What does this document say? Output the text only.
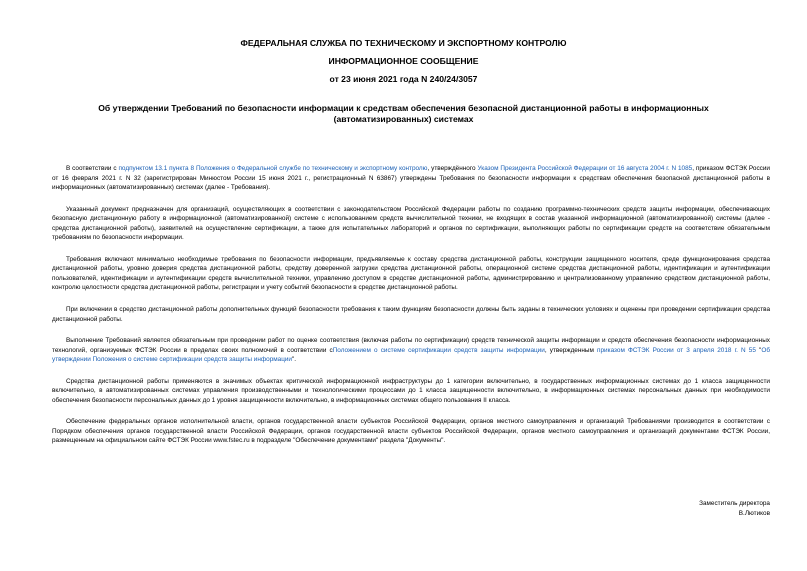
ФЕДЕРАЛЬНАЯ СЛУЖБА ПО ТЕХНИЧЕСКОМУ И ЭКСПОРТНОМУ КОНТРОЛЮ
ИНФОРМАЦИОННОЕ СООБЩЕНИЕ
от 23 июня 2021 года N 240/24/3057
Об утверждении Требований по безопасности информации к средствам обеспечения безопасной дистанционной работы в информационных (автоматизированных) системах

В соответствии с подпунктом 13.1 пункта 8 Положения о Федеральной службе по техническому и экспортному контролю, утверждённого Указом Президента Российской Федерации от 16 августа 2004 г. N 1085, приказом ФСТЭК России от 16 февраля 2021 г. N 32 (зарегистрирован Минюстом России 15 июня 2021 г., регистрационный N 63867) утверждены Требования по безопасности информации к средствам обеспечения безопасной дистанционной работы в информационных (автоматизированных) системах (далее - Требования).

Указанный документ предназначен для организаций, осуществляющих в соответствии с законодательством Российской Федерации работы по созданию программно-технических средств защиты информации, обеспечивающих безопасную дистанционную работу в информационной (автоматизированной) системе с использованием средств вычислительной техники, не входящих в состав указанной информационной (автоматизированной) системы (далее - средства дистанционной работы), заявителей на осуществление сертификации, а также для испытательных лабораторий и органов по сертификации, выполняющих работы по сертификации средств на соответствие обязательным требованиям по безопасности информации.

Требования включают минимально необходимые требования по безопасности информации, предъявляемые к составу средства дистанционной работы, конструкции защищенного носителя, среде функционирования средства дистанционной работы, уровню доверия средства дистанционной работы, средству доверенной загрузки средства дистанционной работы, операционной системе средства дистанционной работы, идентификации и аутентификации пользователей, идентификации и аутентификации средств вычислительной техники, управлению доступом в средстве дистанционной работы, администрированию и централизованному управлению средством дистанционной работы, контролю целостности средства дистанционной работы, регистрации и учету событий безопасности в средстве дистанционной работы.

При включении в средство дистанционной работы дополнительных функций безопасности требования к таким функциям безопасности должны быть заданы в технических условиях и оценены при проведении сертификации средства дистанционной работы.

Выполнение Требований является обязательным при проведении работ по оценке соответствия (включая работы по сертификации) средств технической защиты информации и средств обеспечения безопасности информационных технологий, организуемых ФСТЭК России в пределах своих полномочий в соответствии сПоложением о системе сертификации средств защиты информации, утвержденным приказом ФСТЭК России от 3 апреля 2018 г. N 55 "Об утверждении Положения о системе сертификации средств защиты информации".

Средства дистанционной работы применяются в значимых объектах критической информационной инфраструктуры до 1 категории включительно, в государственных информационных системах до 1 класса защищенности включительно, в автоматизированных системах управления производственными и технологическими процессами до 1 класса защищенности включительно, в информационных системах персональных данных при необходимости обеспечения безопасности персональных данных до 1 уровня защищенности включительно, в информационных системах общего пользования II класса.

Обеспечение федеральных органов исполнительной власти, органов государственной власти субъектов Российской Федерации, органов местного самоуправления и организаций Требованиями производится в соответствии с Порядком обеспечения органов государственной власти Российской Федерации, органов государственной власти субъектов Российской Федерации, органов местного самоуправления и организаций документами ФСТЭК России, размещенным на официальном сайте ФСТЭК России www.fstec.ru в подразделе "Обеспечение документами" раздела "Документы".

Заместитель директора
В.Лютиков
